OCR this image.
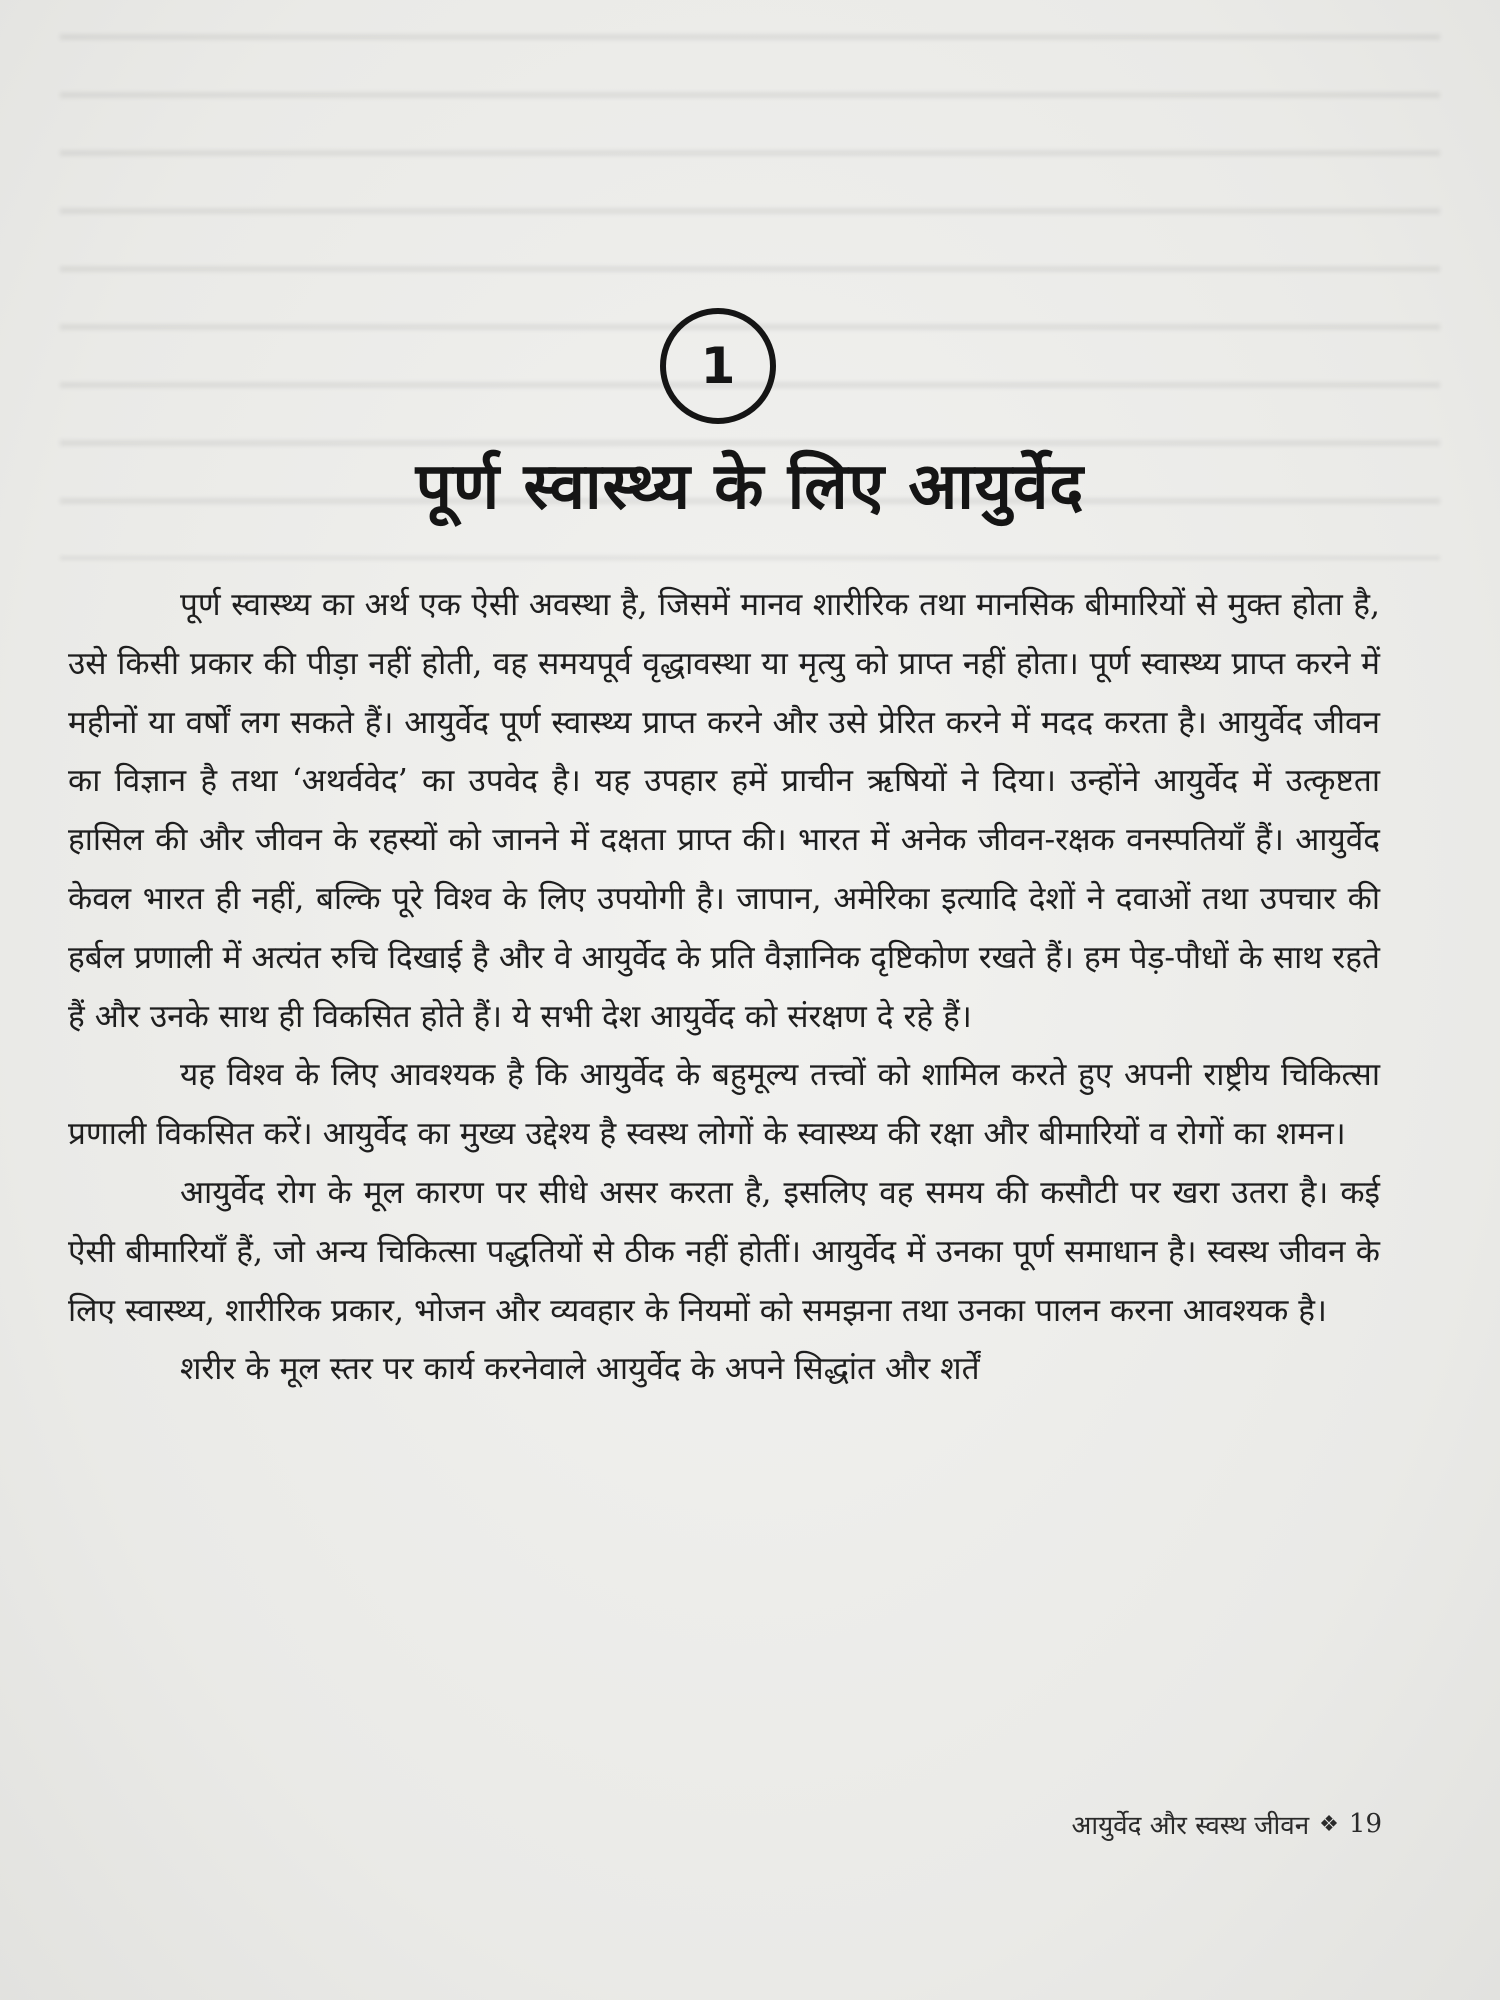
1
पूर्ण स्वास्थ्य के लिए आयुर्वेद

पूर्ण स्वास्थ्य का अर्थ एक ऐसी अवस्था है, जिसमें मानव शारीरिक तथा मानसिक बीमारियों से मुक्त होता है, उसे किसी प्रकार की पीड़ा नहीं होती, वह समयपूर्व वृद्धावस्था या मृत्यु को प्राप्त नहीं होता। पूर्ण स्वास्थ्य प्राप्त करने में महीनों या वर्षों लग सकते हैं। आयुर्वेद पूर्ण स्वास्थ्य प्राप्त करने और उसे प्रेरित करने में मदद करता है। आयुर्वेद जीवन का विज्ञान है तथा ‘अथर्ववेद’ का उपवेद है। यह उपहार हमें प्राचीन ऋषियों ने दिया। उन्होंने आयुर्वेद में उत्कृष्टता हासिल की और जीवन के रहस्यों को जानने में दक्षता प्राप्त की। भारत में अनेक जीवन-रक्षक वनस्पतियाँ हैं। आयुर्वेद केवल भारत ही नहीं, बल्कि पूरे विश्व के लिए उपयोगी है। जापान, अमेरिका इत्यादि देशों ने दवाओं तथा उपचार की हर्बल प्रणाली में अत्यंत रुचि दिखाई है और वे आयुर्वेद के प्रति वैज्ञानिक दृष्टिकोण रखते हैं। हम पेड़-पौधों के साथ रहते हैं और उनके साथ ही विकसित होते हैं। ये सभी देश आयुर्वेद को संरक्षण दे रहे हैं।

यह विश्व के लिए आवश्यक है कि आयुर्वेद के बहुमूल्य तत्त्वों को शामिल करते हुए अपनी राष्ट्रीय चिकित्सा प्रणाली विकसित करें। आयुर्वेद का मुख्य उद्देश्य है स्वस्थ लोगों के स्वास्थ्य की रक्षा और बीमारियों व रोगों का शमन।

आयुर्वेद रोग के मूल कारण पर सीधे असर करता है, इसलिए वह समय की कसौटी पर खरा उतरा है। कई ऐसी बीमारियाँ हैं, जो अन्य चिकित्सा पद्धतियों से ठीक नहीं होतीं। आयुर्वेद में उनका पूर्ण समाधान है। स्वस्थ जीवन के लिए स्वास्थ्य, शारीरिक प्रकार, भोजन और व्यवहार के नियमों को समझना तथा उनका पालन करना आवश्यक है।

शरीर के मूल स्तर पर कार्य करनेवाले आयुर्वेद के अपने सिद्धांत और शर्तें

आयुर्वेद और स्वस्थ जीवन ❖ 19
